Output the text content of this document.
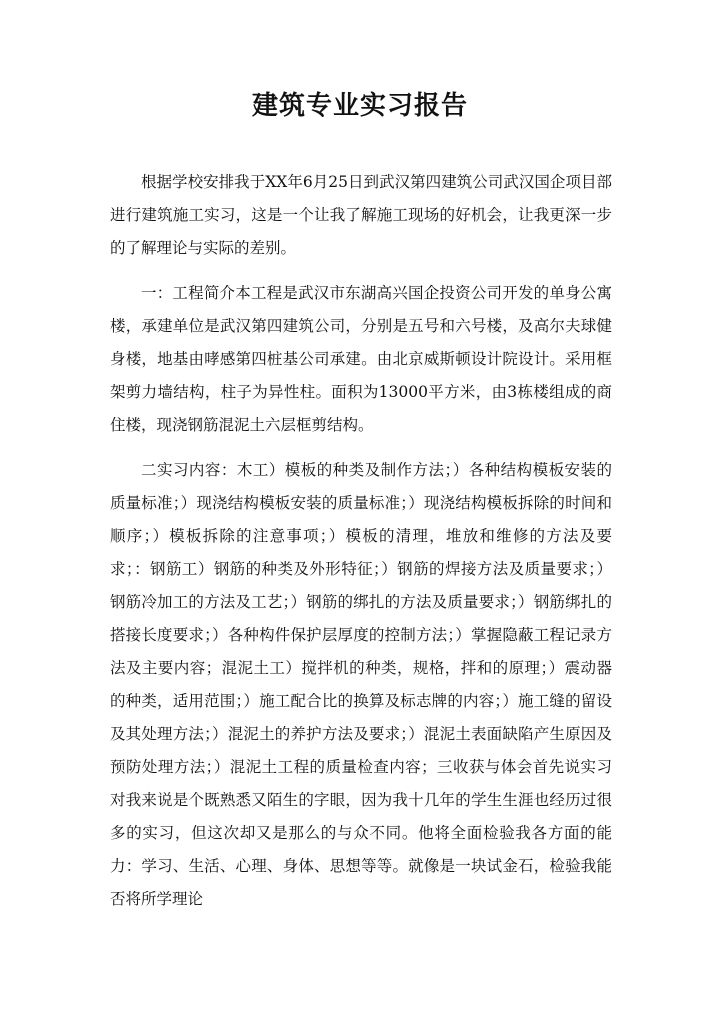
建筑专业实习报告

根据学校安排我于XX年6月25日到武汉第四建筑公司武汉国企项目部进行建筑施工实习，这是一个让我了解施工现场的好机会，让我更深一步的了解理论与实际的差别。

一：工程简介本工程是武汉市东湖高兴国企投资公司开发的单身公寓楼，承建单位是武汉第四建筑公司，分别是五号和六号楼，及高尔夫球健身楼，地基由哮感第四桩基公司承建。由北京威斯顿设计院设计。采用框架剪力墙结构，柱子为异性柱。面积为13000平方米，由3栋楼组成的商住楼，现浇钢筋混泥土六层框剪结构。

二实习内容：木工）模板的种类及制作方法；）各种结构模板安装的质量标准；）现浇结构模板安装的质量标准；）现浇结构模板拆除的时间和顺序；）模板拆除的注意事项；）模板的清理，堆放和维修的方法及要求；：钢筋工）钢筋的种类及外形特征；）钢筋的焊接方法及质量要求；）钢筋冷加工的方法及工艺；）钢筋的绑扎的方法及质量要求；）钢筋绑扎的搭接长度要求；）各种构件保护层厚度的控制方法；）掌握隐蔽工程记录方法及主要内容；混泥土工）搅拌机的种类，规格，拌和的原理；）震动器的种类，适用范围；）施工配合比的换算及标志牌的内容；）施工缝的留设及其处理方法；）混泥土的养护方法及要求；）混泥土表面缺陷产生原因及预防处理方法；）混泥土工程的质量检查内容；三收获与体会首先说实习对我来说是个既熟悉又陌生的字眼，因为我十几年的学生生涯也经历过很多的实习，但这次却又是那么的与众不同。他将全面检验我各方面的能力：学习、生活、心理、身体、思想等等。就像是一块试金石，检验我能否将所学理论
